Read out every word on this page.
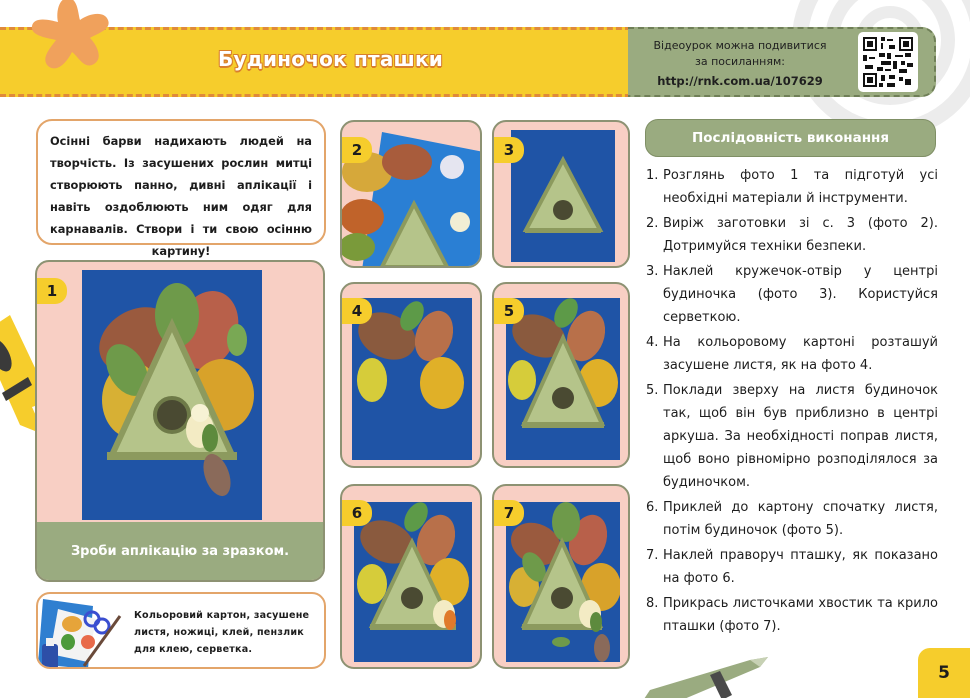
Будиночок пташки
Відеоурок можна подивитися
за посиланням:
http://rnk.com.ua/107629
Осінні барви надихають людей на творчість. Із засушених рослин митці створюють панно, дивні аплікації і навіть оздоблюють ним одяг для карнавалів. Створи і ти свою осінню картину!
1
Зроби аплікацію за зразком.
Кольоровий картон, засушене листя, ножиці, клей, пензлик для клею, серветка.
2	3
4	5
6	7
Послідовність виконання
1. Розглянь фото 1 та підготуй усі необхідні матеріали й інструменти.
2. Виріж заготовки зі с. 3 (фото 2). Дотримуйся техніки безпеки.
3. Наклей кружечок-отвір у центрі будиночка (фото 3). Користуйся серветкою.
4. На кольоровому картоні розташуй засушене листя, як на фото 4.
5. Поклади зверху на листя будиночок так, щоб він був приблизно в центрі аркуша. За необхідності поправ листя, щоб воно рівномірно розподілялося за будиночком.
6. Приклей до картону спочатку листя, потім будиночок (фото 5).
7. Наклей праворуч пташку, як показано на фото 6.
8. Прикрась листочками хвостик та крило пташки (фото 7).
5
